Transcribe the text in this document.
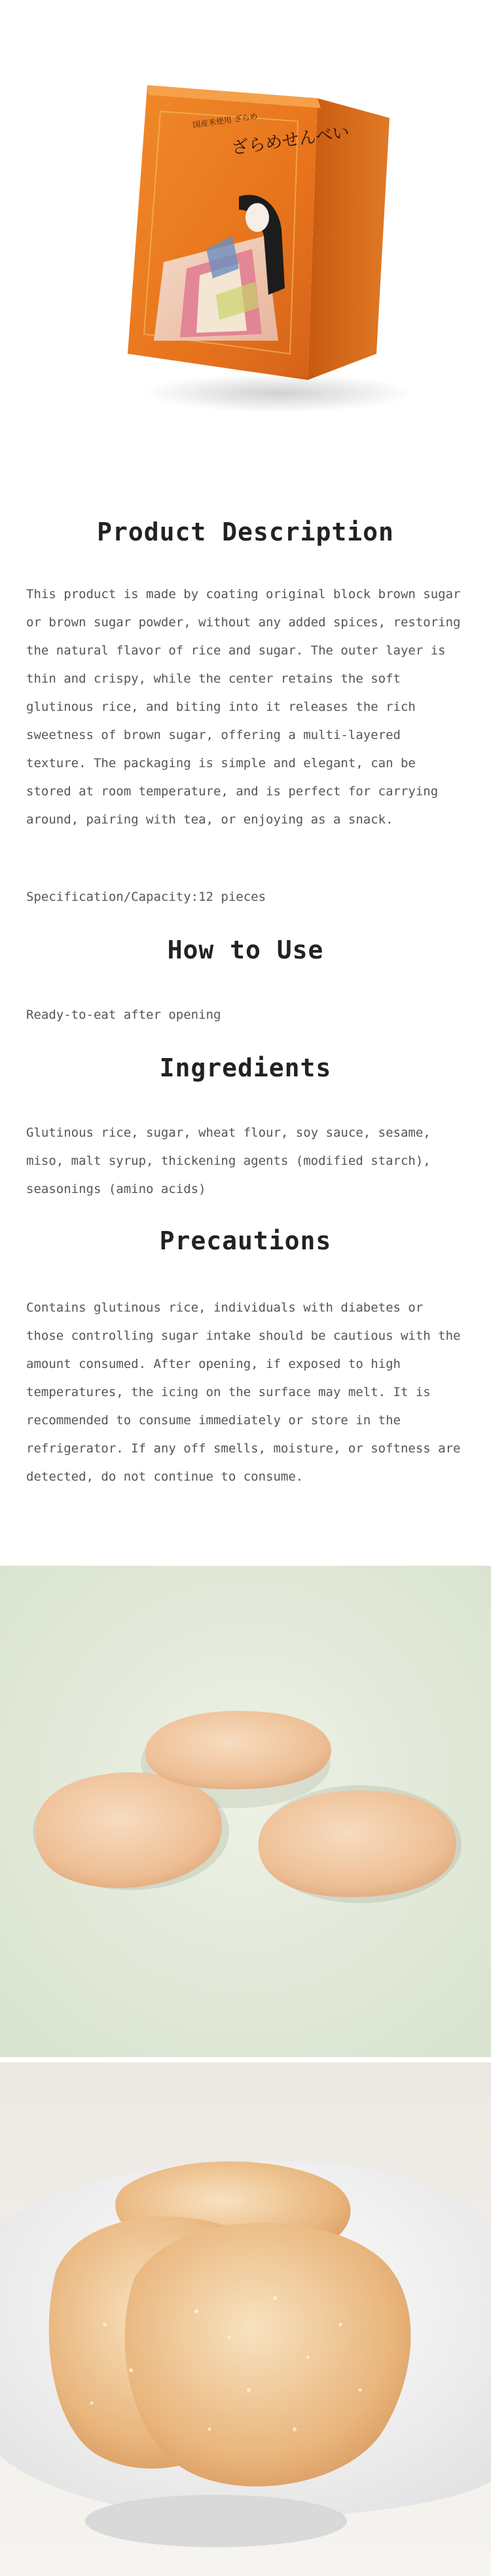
ざらめせんべい
国産米使用 ざらめ
Product Description

This product is made by coating original block brown sugar or brown sugar powder, without any added spices, restoring the natural flavor of rice and sugar. The outer layer is thin and crispy, while the center retains the soft glutinous rice, and biting into it releases the rich sweetness of brown sugar, offering a multi-layered texture. The packaging is simple and elegant, can be stored at room temperature, and is perfect for carrying around, pairing with tea, or enjoying as a snack.

Specification/Capacity:12 pieces

How to Use

Ready-to-eat after opening

Ingredients

Glutinous rice, sugar, wheat flour, soy sauce, sesame, miso, malt syrup, thickening agents (modified starch), seasonings (amino acids)

Precautions

Contains glutinous rice, individuals with diabetes or those controlling sugar intake should be cautious with the amount consumed. After opening, if exposed to high temperatures, the icing on the surface may melt. It is recommended to consume immediately or store in the refrigerator. If any off smells, moisture, or softness are detected, do not continue to consume.
